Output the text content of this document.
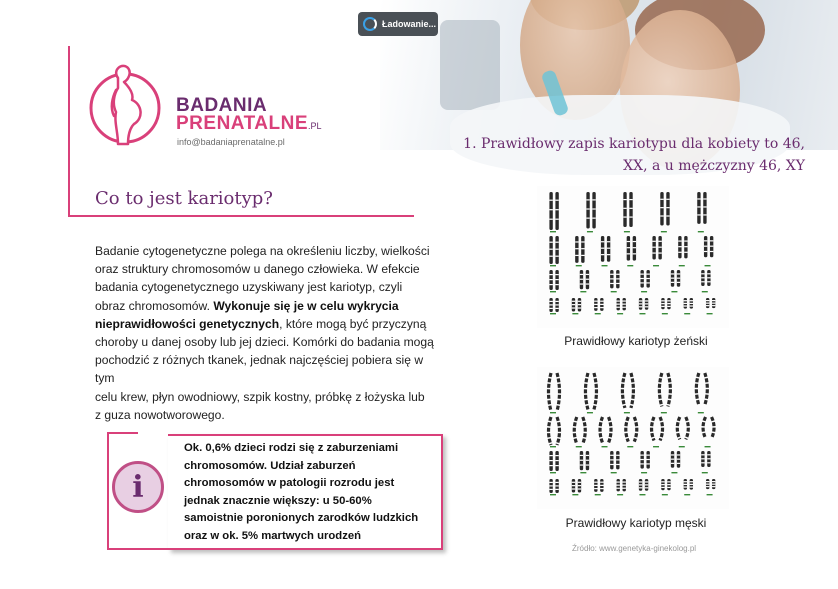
Ładowanie...
BADANIA
PRENATALNE.PL
info@badaniaprenatalne.pl
Co to jest kariotyp?
Badanie cytogenetyczne polega na określeniu liczby, wielkości
oraz struktury chromosomów u danego człowieka. W efekcie
badania cytogenetycznego uzyskiwany jest kariotyp, czyli
obraz chromosomów. Wykonuje się je w celu wykrycia
nieprawidłowości genetycznych, które mogą być przyczyną
choroby u danej osoby lub jej dzieci. Komórki do badania mogą
pochodzić z różnych tkanek, jednak najczęściej pobiera się w tym
celu krew, płyn owodniowy, szpik kostny, próbkę z łożyska lub
z guza nowotworowego.
i
Ok. 0,6% dzieci rodzi się z zaburzeniami
chromosomów. Udział zaburzeń
chromosomów w patologii rozrodu jest
jednak znacznie większy: u 50-60%
samoistnie poronionych zarodków ludzkich
oraz w ok. 5% martwych urodzeń
1. Prawidłowy zapis kariotypu dla kobiety to 46,
XX, a u mężczyzny 46, XY
Prawidłowy kariotyp żeński
Prawidłowy kariotyp męski
Źródło: www.genetyka-ginekolog.pl
